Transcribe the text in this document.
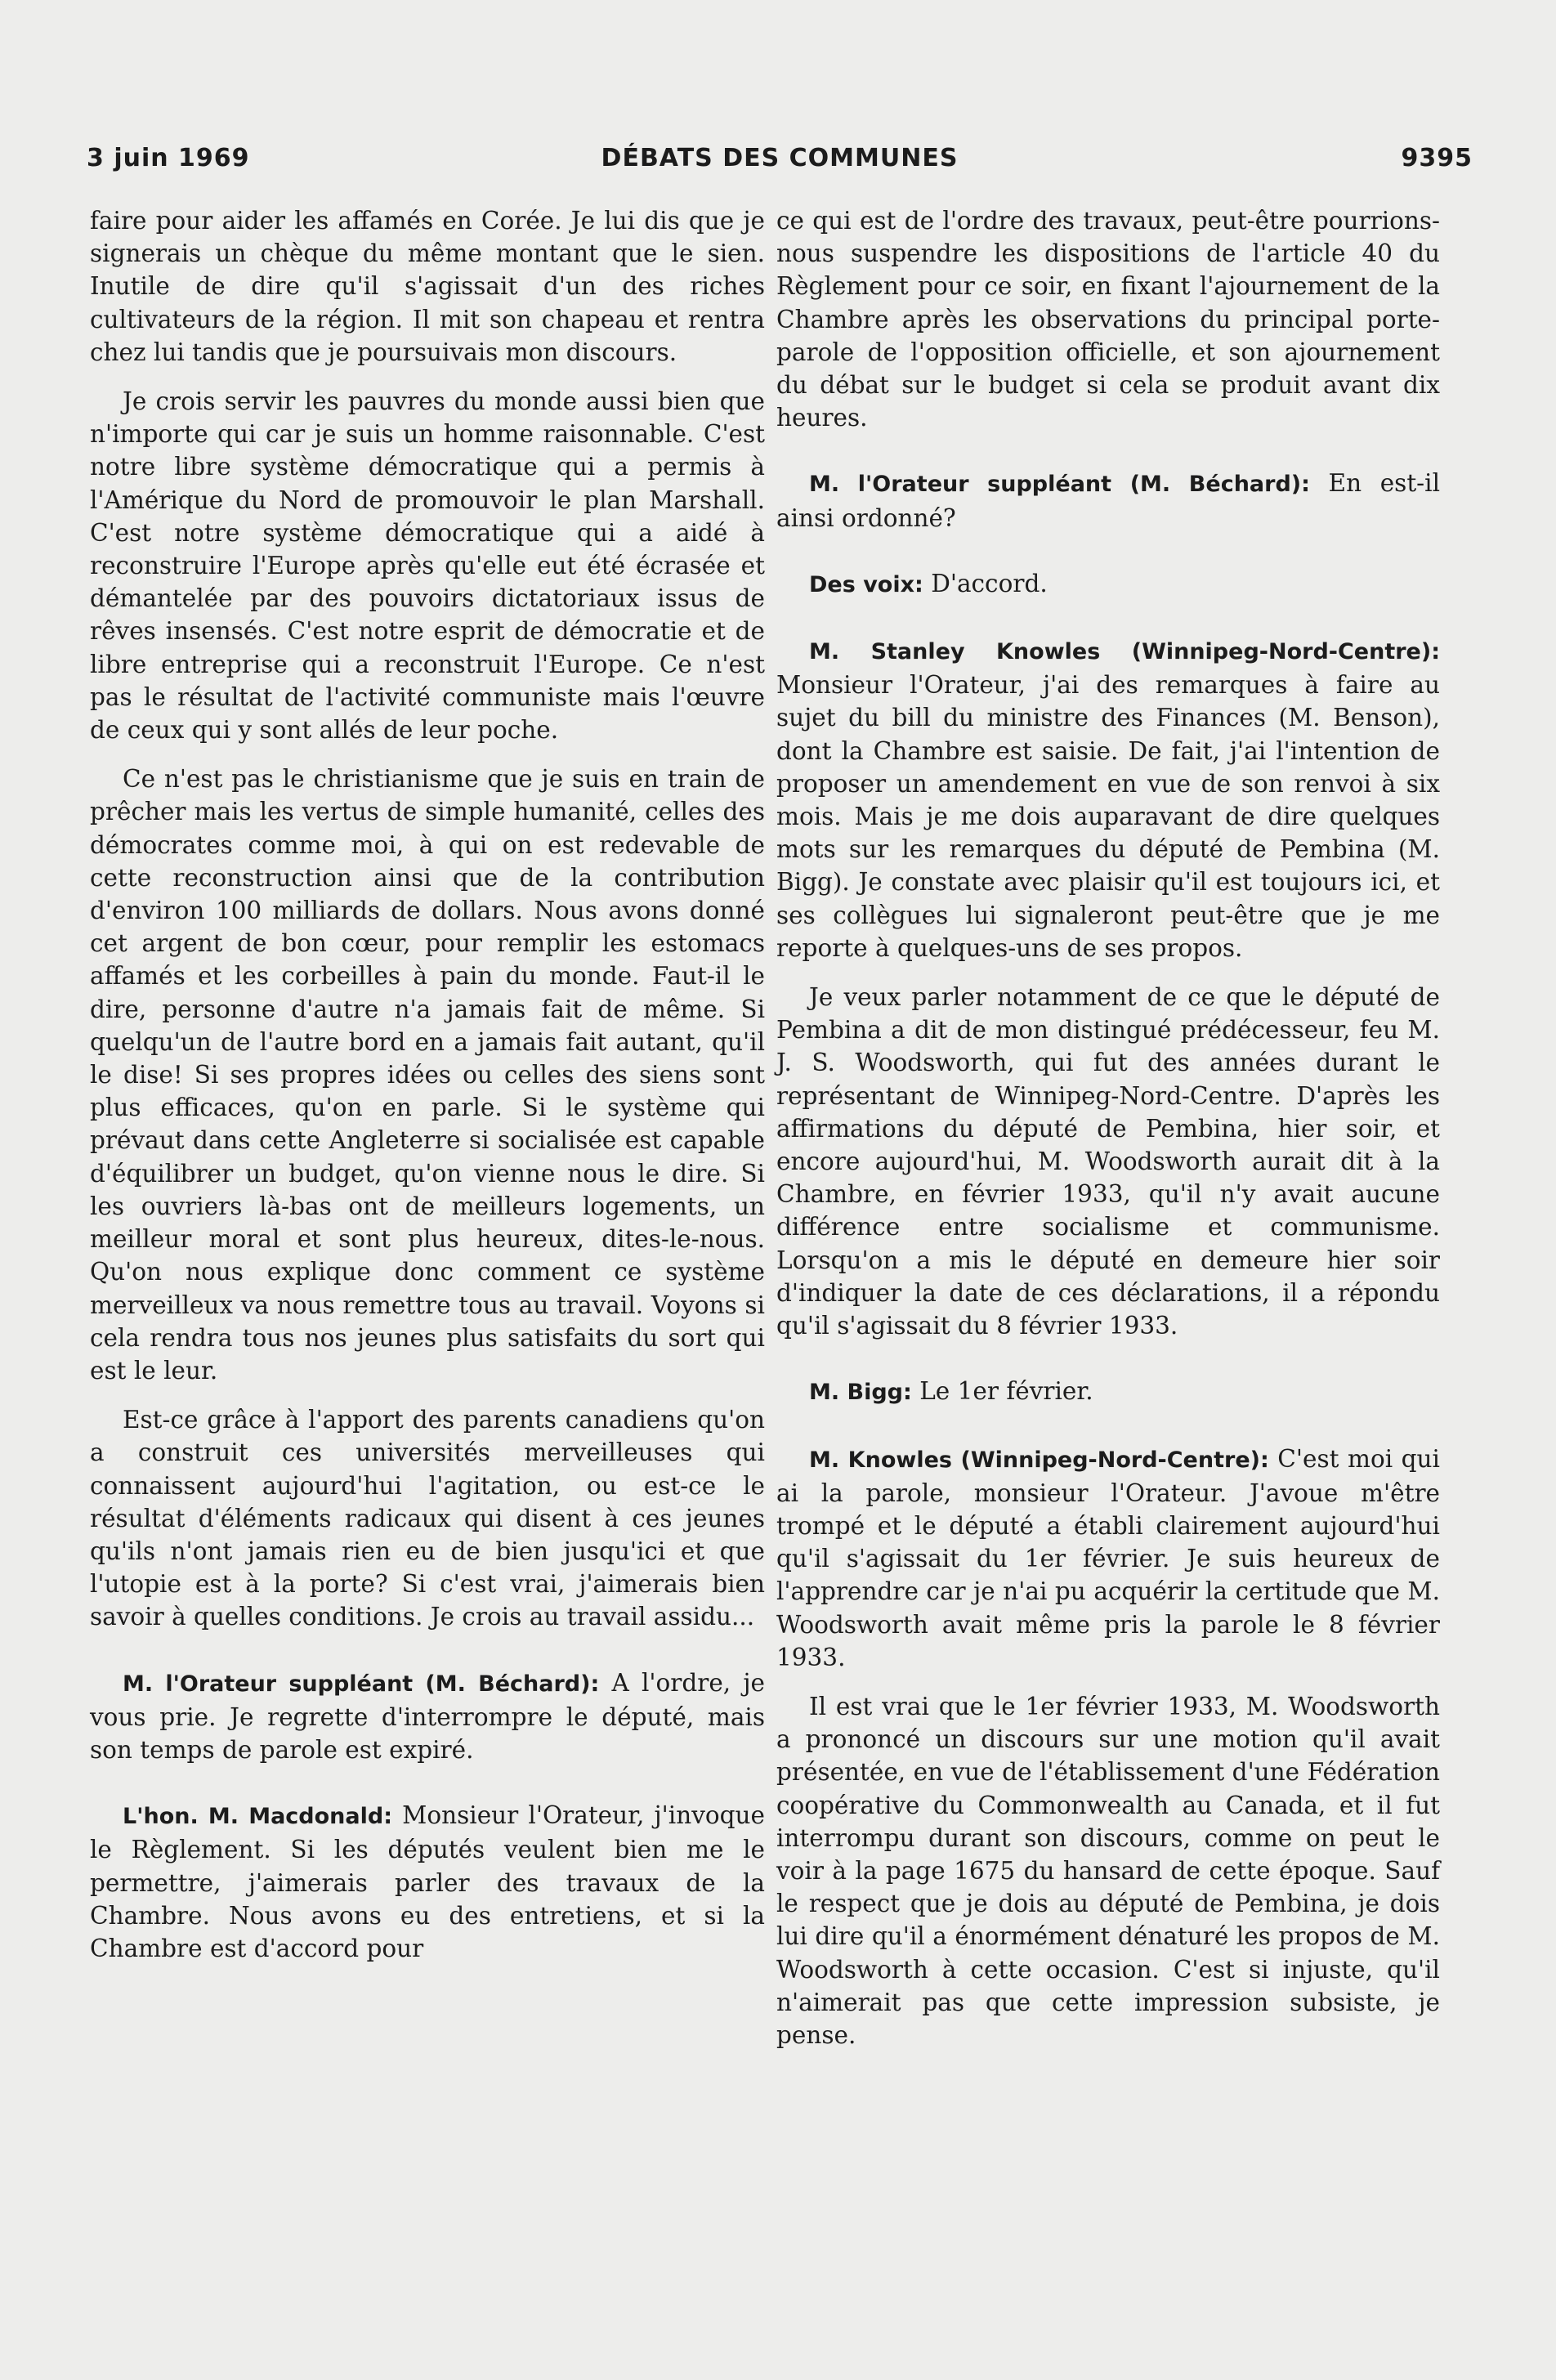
3 juin 1969	DÉBATS DES COMMUNES	9395

faire pour aider les affamés en Corée. Je lui dis que je signerais un chèque du même montant que le sien. Inutile de dire qu'il s'agissait d'un des riches cultivateurs de la région. Il mit son chapeau et rentra chez lui tandis que je poursuivais mon discours.

Je crois servir les pauvres du monde aussi bien que n'importe qui car je suis un homme raisonnable. C'est notre libre système démocratique qui a permis à l'Amérique du Nord de promouvoir le plan Marshall. C'est notre système démocratique qui a aidé à reconstruire l'Europe après qu'elle eut été écrasée et démantelée par des pouvoirs dictatoriaux issus de rêves insensés. C'est notre esprit de démocratie et de libre entreprise qui a reconstruit l'Europe. Ce n'est pas le résultat de l'activité communiste mais l'œuvre de ceux qui y sont allés de leur poche.

Ce n'est pas le christianisme que je suis en train de prêcher mais les vertus de simple humanité, celles des démocrates comme moi, à qui on est redevable de cette reconstruction ainsi que de la contribution d'environ 100 milliards de dollars. Nous avons donné cet argent de bon cœur, pour remplir les estomacs affamés et les corbeilles à pain du monde. Faut-il le dire, personne d'autre n'a jamais fait de même. Si quelqu'un de l'autre bord en a jamais fait autant, qu'il le dise! Si ses propres idées ou celles des siens sont plus efficaces, qu'on en parle. Si le système qui prévaut dans cette Angleterre si socialisée est capable d'équilibrer un budget, qu'on vienne nous le dire. Si les ouvriers là-bas ont de meilleurs logements, un meilleur moral et sont plus heureux, dites-le-nous. Qu'on nous explique donc comment ce système merveilleux va nous remettre tous au travail. Voyons si cela rendra tous nos jeunes plus satisfaits du sort qui est le leur.

Est-ce grâce à l'apport des parents canadiens qu'on a construit ces universités merveilleuses qui connaissent aujourd'hui l'agitation, ou est-ce le résultat d'éléments radicaux qui disent à ces jeunes qu'ils n'ont jamais rien eu de bien jusqu'ici et que l'utopie est à la porte? Si c'est vrai, j'aimerais bien savoir à quelles conditions. Je crois au travail assidu...

M. l'Orateur suppléant (M. Béchard): A l'ordre, je vous prie. Je regrette d'interrompre le député, mais son temps de parole est expiré.

L'hon. M. Macdonald: Monsieur l'Orateur, j'invoque le Règlement. Si les députés veulent bien me le permettre, j'aimerais parler des travaux de la Chambre. Nous avons eu des entretiens, et si la Chambre est d'accord pour

ce qui est de l'ordre des travaux, peut-être pourrions-nous suspendre les dispositions de l'article 40 du Règlement pour ce soir, en fixant l'ajournement de la Chambre après les observations du principal porte-parole de l'opposition officielle, et son ajournement du débat sur le budget si cela se produit avant dix heures.

M. l'Orateur suppléant (M. Béchard): En est-il ainsi ordonné?

Des voix: D'accord.

M. Stanley Knowles (Winnipeg-Nord-Centre): Monsieur l'Orateur, j'ai des remarques à faire au sujet du bill du ministre des Finances (M. Benson), dont la Chambre est saisie. De fait, j'ai l'intention de proposer un amendement en vue de son renvoi à six mois. Mais je me dois auparavant de dire quelques mots sur les remarques du député de Pembina (M. Bigg). Je constate avec plaisir qu'il est toujours ici, et ses collègues lui signaleront peut-être que je me reporte à quelques-uns de ses propos.

Je veux parler notamment de ce que le député de Pembina a dit de mon distingué prédécesseur, feu M. J. S. Woodsworth, qui fut des années durant le représentant de Winnipeg-Nord-Centre. D'après les affirmations du député de Pembina, hier soir, et encore aujourd'hui, M. Woodsworth aurait dit à la Chambre, en février 1933, qu'il n'y avait aucune différence entre socialisme et communisme. Lorsqu'on a mis le député en demeure hier soir d'indiquer la date de ces déclarations, il a répondu qu'il s'agissait du 8 février 1933.

M. Bigg: Le 1er février.

M. Knowles (Winnipeg-Nord-Centre): C'est moi qui ai la parole, monsieur l'Orateur. J'avoue m'être trompé et le député a établi clairement aujourd'hui qu'il s'agissait du 1er février. Je suis heureux de l'apprendre car je n'ai pu acquérir la certitude que M. Woodsworth avait même pris la parole le 8 février 1933.

Il est vrai que le 1er février 1933, M. Woodsworth a prononcé un discours sur une motion qu'il avait présentée, en vue de l'établissement d'une Fédération coopérative du Commonwealth au Canada, et il fut interrompu durant son discours, comme on peut le voir à la page 1675 du hansard de cette époque. Sauf le respect que je dois au député de Pembina, je dois lui dire qu'il a énormément dénaturé les propos de M. Woodsworth à cette occasion. C'est si injuste, qu'il n'aimerait pas que cette impression subsiste, je pense.
